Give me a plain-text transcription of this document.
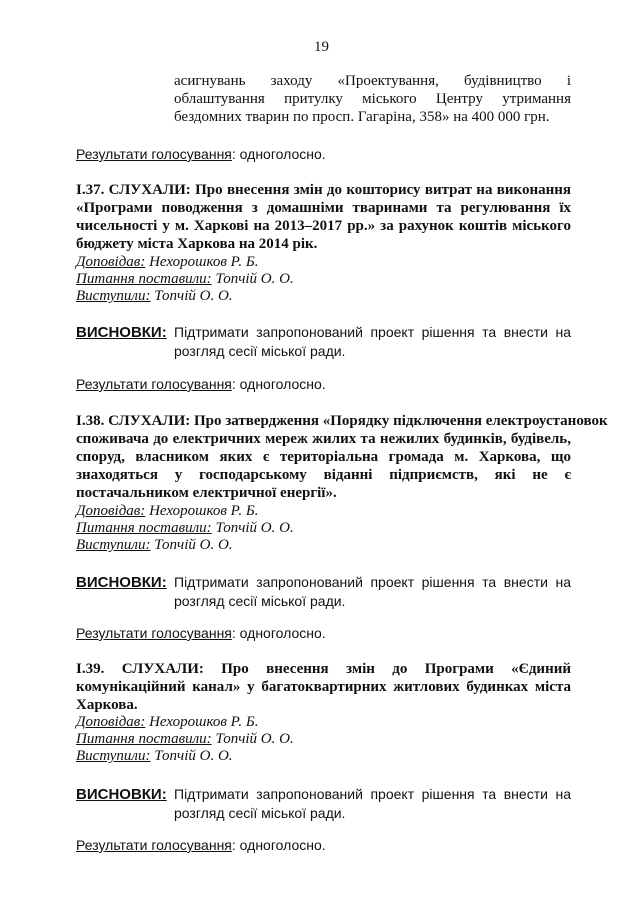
19
асигнувань заходу «Проектування, будівництво і
облаштування притулку міського Центру утримання
бездомних тварин по просп. Гагаріна, 358» на 400 000 грн.
Результати голосування: одноголосно.
І.37. СЛУХАЛИ: Про внесення змін до кошторису витрат на виконання
«Програми поводження з домашніми тваринами та регулювання їх
чисельності у м. Харкові на 2013–2017 рр.» за рахунок коштів міського
бюджету міста Харкова на 2014 рік.
Доповідав: Нехорошков Р. Б.
Питання поставили: Топчій О. О.
Виступили: Топчій О. О.
ВИСНОВКИ: Підтримати запропонований проект рішення та внести на
розгляд сесії міської ради.
Результати голосування: одноголосно.
І.38. СЛУХАЛИ: Про затвердження «Порядку підключення електроустановок
споживача до електричних мереж жилих та нежилих будинків, будівель,
споруд, власником яких є територіальна громада м. Харкова, що
знаходяться у господарському віданні підприємств, які не є
постачальником електричної енергії».
Доповідав: Нехорошков Р. Б.
Питання поставили: Топчій О. О.
Виступили: Топчій О. О.
ВИСНОВКИ: Підтримати запропонований проект рішення та внести на
розгляд сесії міської ради.
Результати голосування: одноголосно.
І.39. СЛУХАЛИ: Про внесення змін до Програми «Єдиний
комунікаційний канал» у багатоквартирних житлових будинках міста
Харкова.
Доповідав: Нехорошков Р. Б.
Питання поставили: Топчій О. О.
Виступили: Топчій О. О.
ВИСНОВКИ: Підтримати запропонований проект рішення та внести на
розгляд сесії міської ради.
Результати голосування: одноголосно.
